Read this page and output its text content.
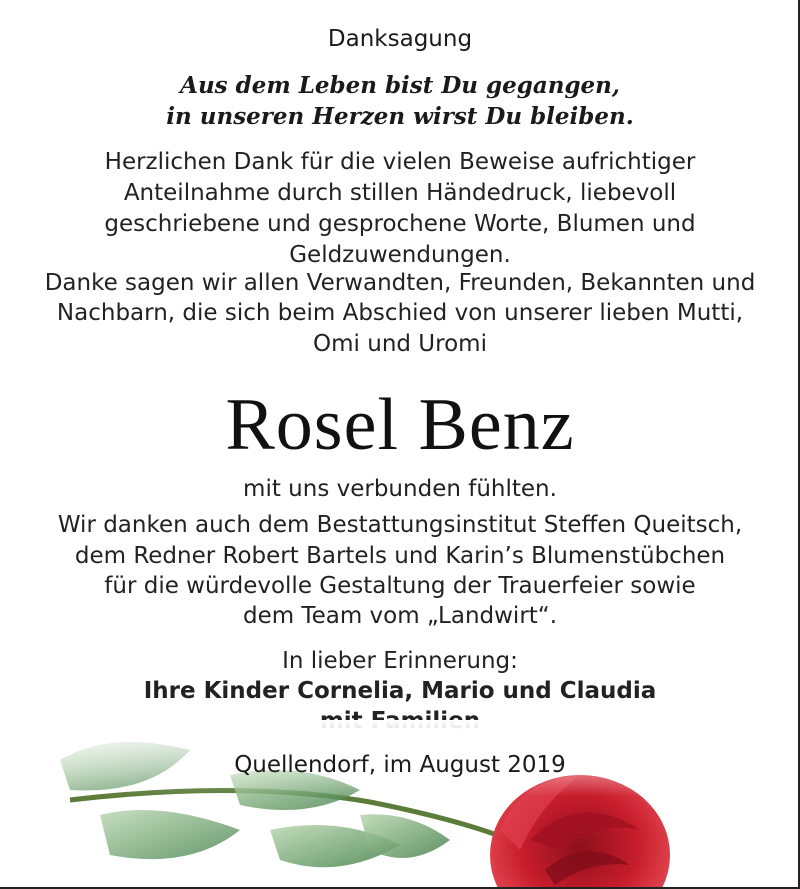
Danksagung
Aus dem Leben bist Du gegangen,
in unseren Herzen wirst Du bleiben.
Herzlichen Dank für die vielen Beweise aufrichtiger
Anteilnahme durch stillen Händedruck, liebevoll
geschriebene und gesprochene Worte, Blumen und
Geldzuwendungen.
Danke sagen wir allen Verwandten, Freunden, Bekannten und
Nachbarn, die sich beim Abschied von unserer lieben Mutti,
Omi und Uromi
Rosel Benz
mit uns verbunden fühlten.
Wir danken auch dem Bestattungsinstitut Steffen Queitsch,
dem Redner Robert Bartels und Karin’s Blumenstübchen
für die würdevolle Gestaltung der Trauerfeier sowie
dem Team vom „Landwirt“.
In lieber Erinnerung:
Ihre Kinder Cornelia, Mario und Claudia
Quellendorf, im August 2019
